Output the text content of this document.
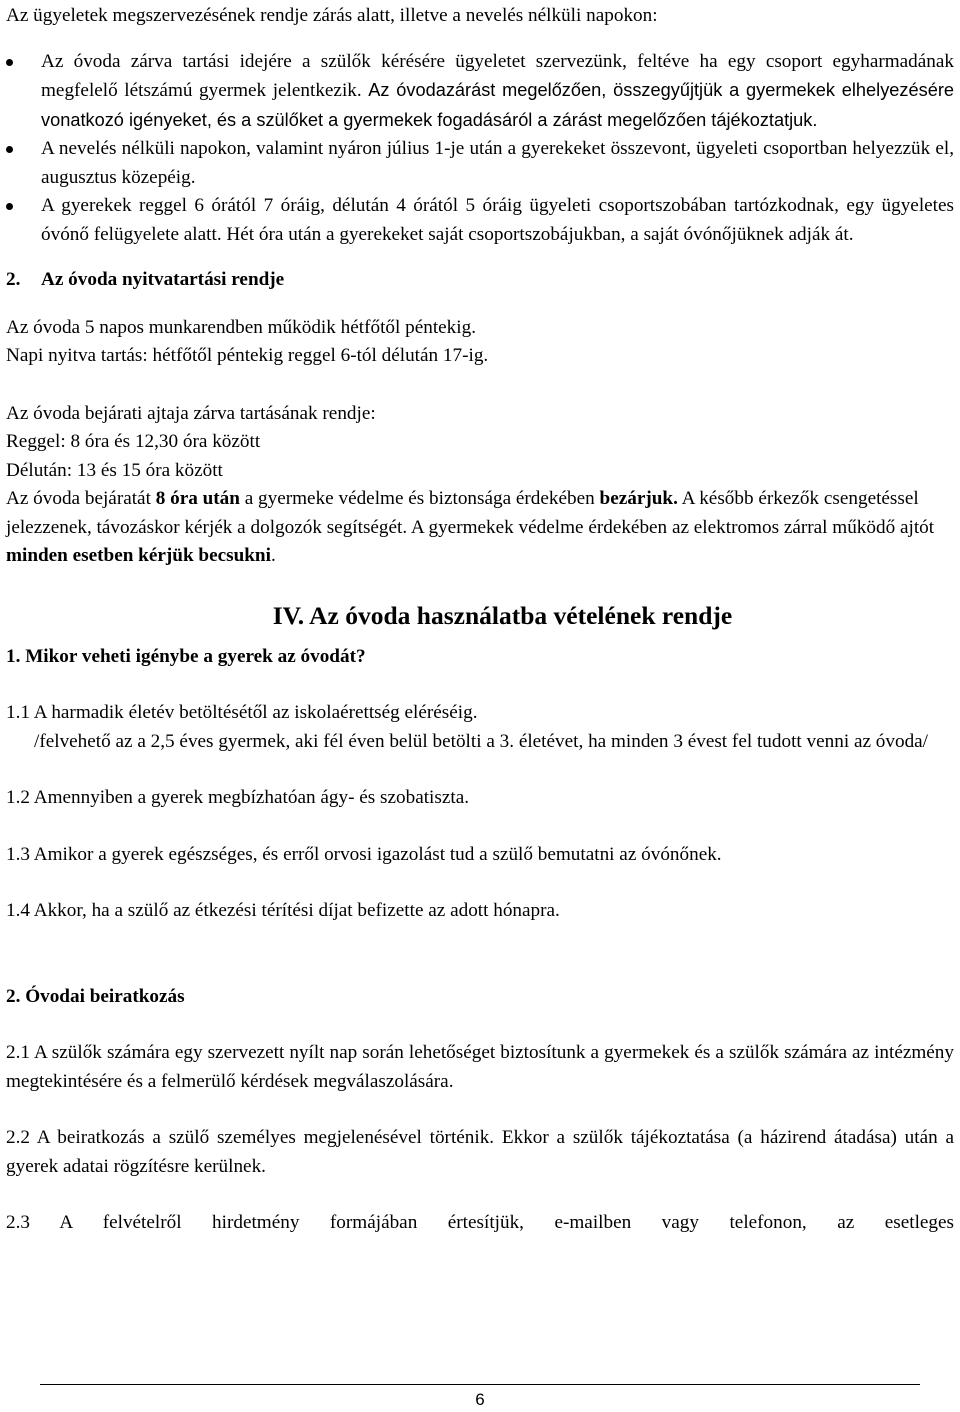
Az ügyeletek megszervezésének rendje zárás alatt, illetve a nevelés nélküli napokon:

Az óvoda zárva tartási idejére a szülők kérésére ügyeletet szervezünk, feltéve ha egy csoport egyharmadának megfelelő létszámú gyermek jelentkezik. Az óvodazárást megelőzően, összegyűjtjük a gyermekek elhelyezésére vonatkozó igényeket, és a szülőket a gyermekek fogadásáról a zárást megelőzően tájékoztatjuk.
A nevelés nélküli napokon, valamint nyáron július 1-je után a gyerekeket összevont, ügyeleti csoportban helyezzük el, augusztus közepéig.
A gyerekek reggel 6 órától 7 óráig, délután 4 órától 5 óráig ügyeleti csoportszobában tartózkodnak, egy ügyeletes óvónő felügyelete alatt. Hét óra után a gyerekeket saját csoportszobájukban, a saját óvónőjüknek adják át.

2. Az óvoda nyitvatartási rendje

Az óvoda 5 napos munkarendben működik hétfőtől péntekig.

Napi nyitva tartás: hétfőtől péntekig reggel 6-tól délután 17-ig.

Az óvoda bejárati ajtaja zárva tartásának rendje:

Reggel: 8 óra és 12,30 óra között

Délután: 13 és 15 óra között

Az óvoda bejáratát 8 óra után a gyermeke védelme és biztonsága érdekében bezárjuk. A később érkezők csengetéssel jelezzenek, távozáskor kérjék a dolgozók segítségét. A gyermekek védelme érdekében az elektromos zárral működő ajtót minden esetben kérjük becsukni.

IV. Az óvoda használatba vételének rendje

1. Mikor veheti igénybe a gyerek az óvodát?

1.1 A harmadik életév betöltésétől az iskolaérettség eléréséig.

/felvehető az a 2,5 éves gyermek, aki fél éven belül betölti a 3. életévet, ha minden 3 évest fel tudott venni az óvoda/

1.2 Amennyiben a gyerek megbízhatóan ágy- és szobatiszta.

1.3 Amikor a gyerek egészséges, és erről orvosi igazolást tud a szülő bemutatni az óvónőnek.

1.4 Akkor, ha a szülő az étkezési térítési díjat befizette az adott hónapra.

2. Óvodai beiratkozás

2.1 A szülők számára egy szervezett nyílt nap során lehetőséget biztosítunk a gyermekek és a szülők számára az intézmény megtekintésére és a felmerülő kérdések megválaszolására.

2.2 A beiratkozás a szülő személyes megjelenésével történik. Ekkor a szülők tájékoztatása (a házirend átadása) után a gyerek adatai rögzítésre kerülnek.

2.3 A felvételről hirdetmény formájában értesítjük, e-mailben vagy telefonon, az esetleges

6
